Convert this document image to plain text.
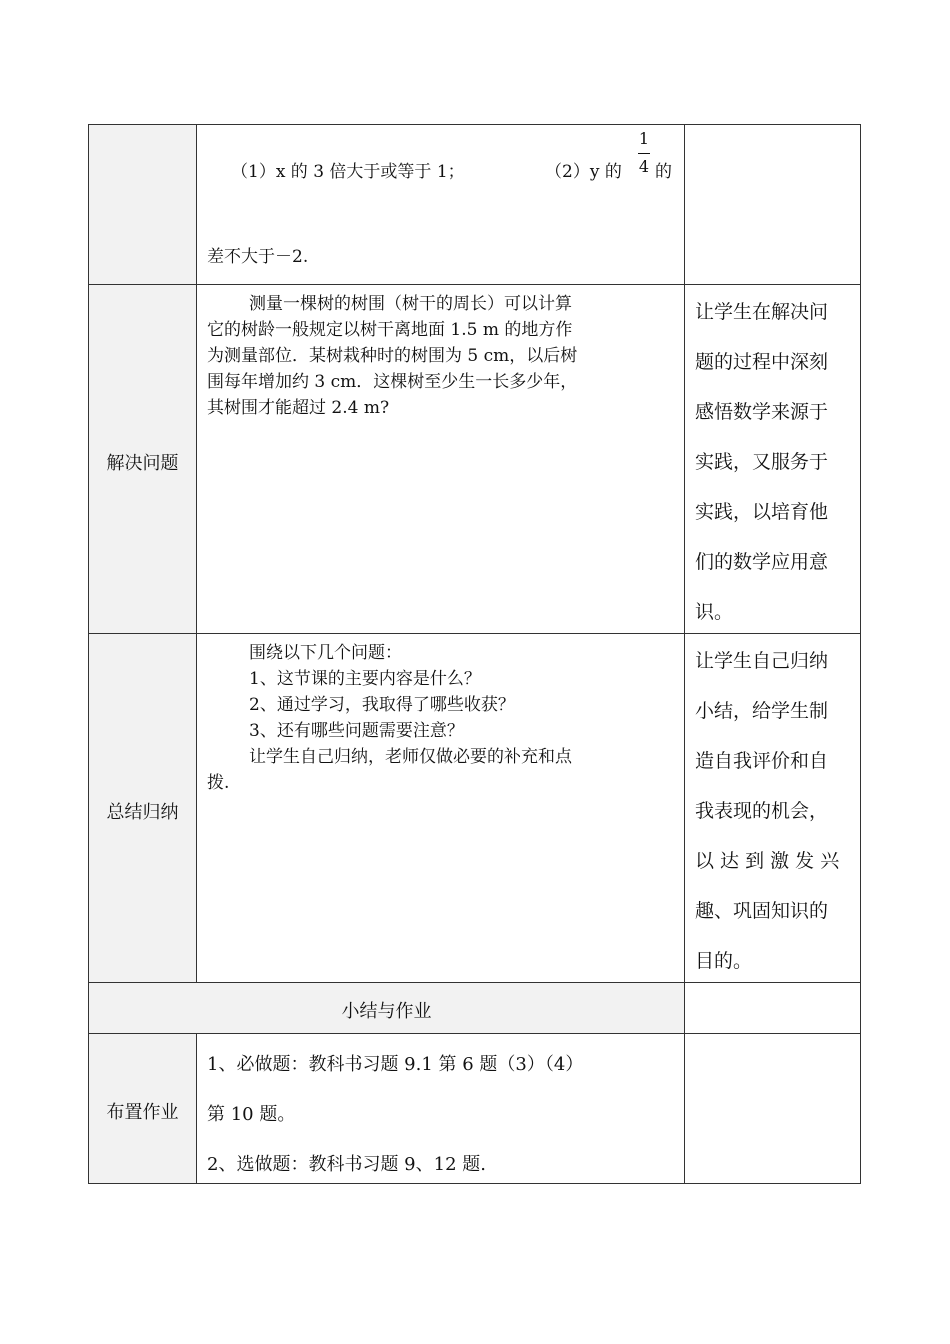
（1）x 的 3 倍大于或等于 1；	（2）y 的
1
4 的
差不大于－2.
解决问题
测量一棵树的树围（树干的周长）可以计算
它的树龄一般规定以树干离地面 1.5 m 的地方作
为测量部位．某树栽种时的树围为 5 cm，以后树
围每年增加约 3 cm．这棵树至少生一长多少年，
其树围才能超过 2.4 m?
让学生在解决问
题的过程中深刻
感悟数学来源于
实践，又服务于
实践，以培育他
们的数学应用意
识。
总结归纳
围绕以下几个问题：
1、这节课的主要内容是什么？
2、通过学习，我取得了哪些收获？
3、还有哪些问题需要注意？
让学生自己归纳，老师仅做必要的补充和点
拨.
让学生自己归纳
小结，给学生制
造自我评价和自
我表现的机会，
以 达 到 激 发 兴
趣、巩固知识的
目的。
小结与作业
布置作业
1、必做题：教科书习题 9.1 第 6 题（3）（4）
第 10 题。
2、选做题：教科书习题 9、12 题.
